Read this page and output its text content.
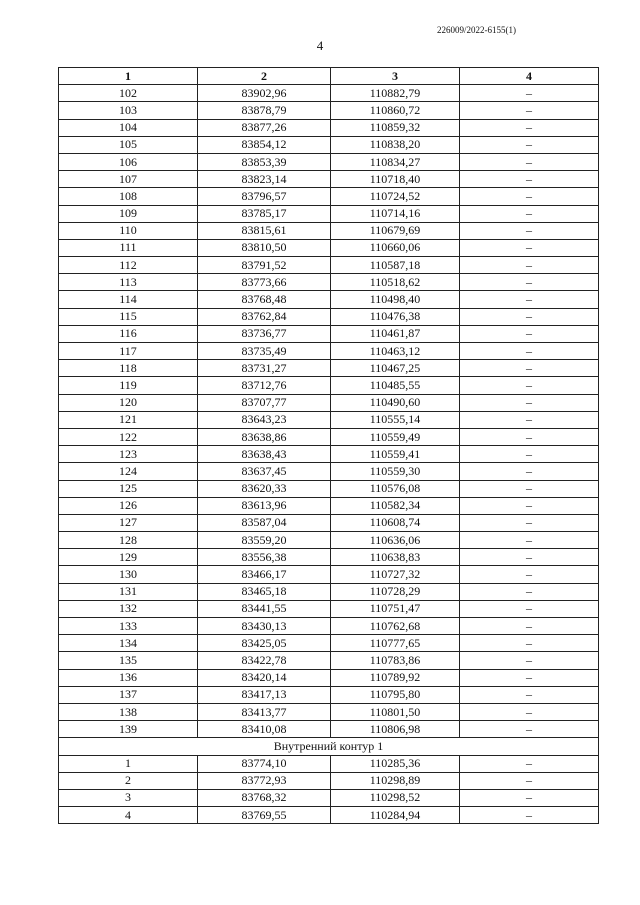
226009/2022-6155(1)
4
1	2	3	4
102	83902,96	110882,79	–
103	83878,79	110860,72	–
104	83877,26	110859,32	–
105	83854,12	110838,20	–
106	83853,39	110834,27	–
107	83823,14	110718,40	–
108	83796,57	110724,52	–
109	83785,17	110714,16	–
110	83815,61	110679,69	–
111	83810,50	110660,06	–
112	83791,52	110587,18	–
113	83773,66	110518,62	–
114	83768,48	110498,40	–
115	83762,84	110476,38	–
116	83736,77	110461,87	–
117	83735,49	110463,12	–
118	83731,27	110467,25	–
119	83712,76	110485,55	–
120	83707,77	110490,60	–
121	83643,23	110555,14	–
122	83638,86	110559,49	–
123	83638,43	110559,41	–
124	83637,45	110559,30	–
125	83620,33	110576,08	–
126	83613,96	110582,34	–
127	83587,04	110608,74	–
128	83559,20	110636,06	–
129	83556,38	110638,83	–
130	83466,17	110727,32	–
131	83465,18	110728,29	–
132	83441,55	110751,47	–
133	83430,13	110762,68	–
134	83425,05	110777,65	–
135	83422,78	110783,86	–
136	83420,14	110789,92	–
137	83417,13	110795,80	–
138	83413,77	110801,50	–
139	83410,08	110806,98	–
Внутренний контур 1			
1	83774,10	110285,36	–
2	83772,93	110298,89	–
3	83768,32	110298,52	–
4	83769,55	110284,94	–
